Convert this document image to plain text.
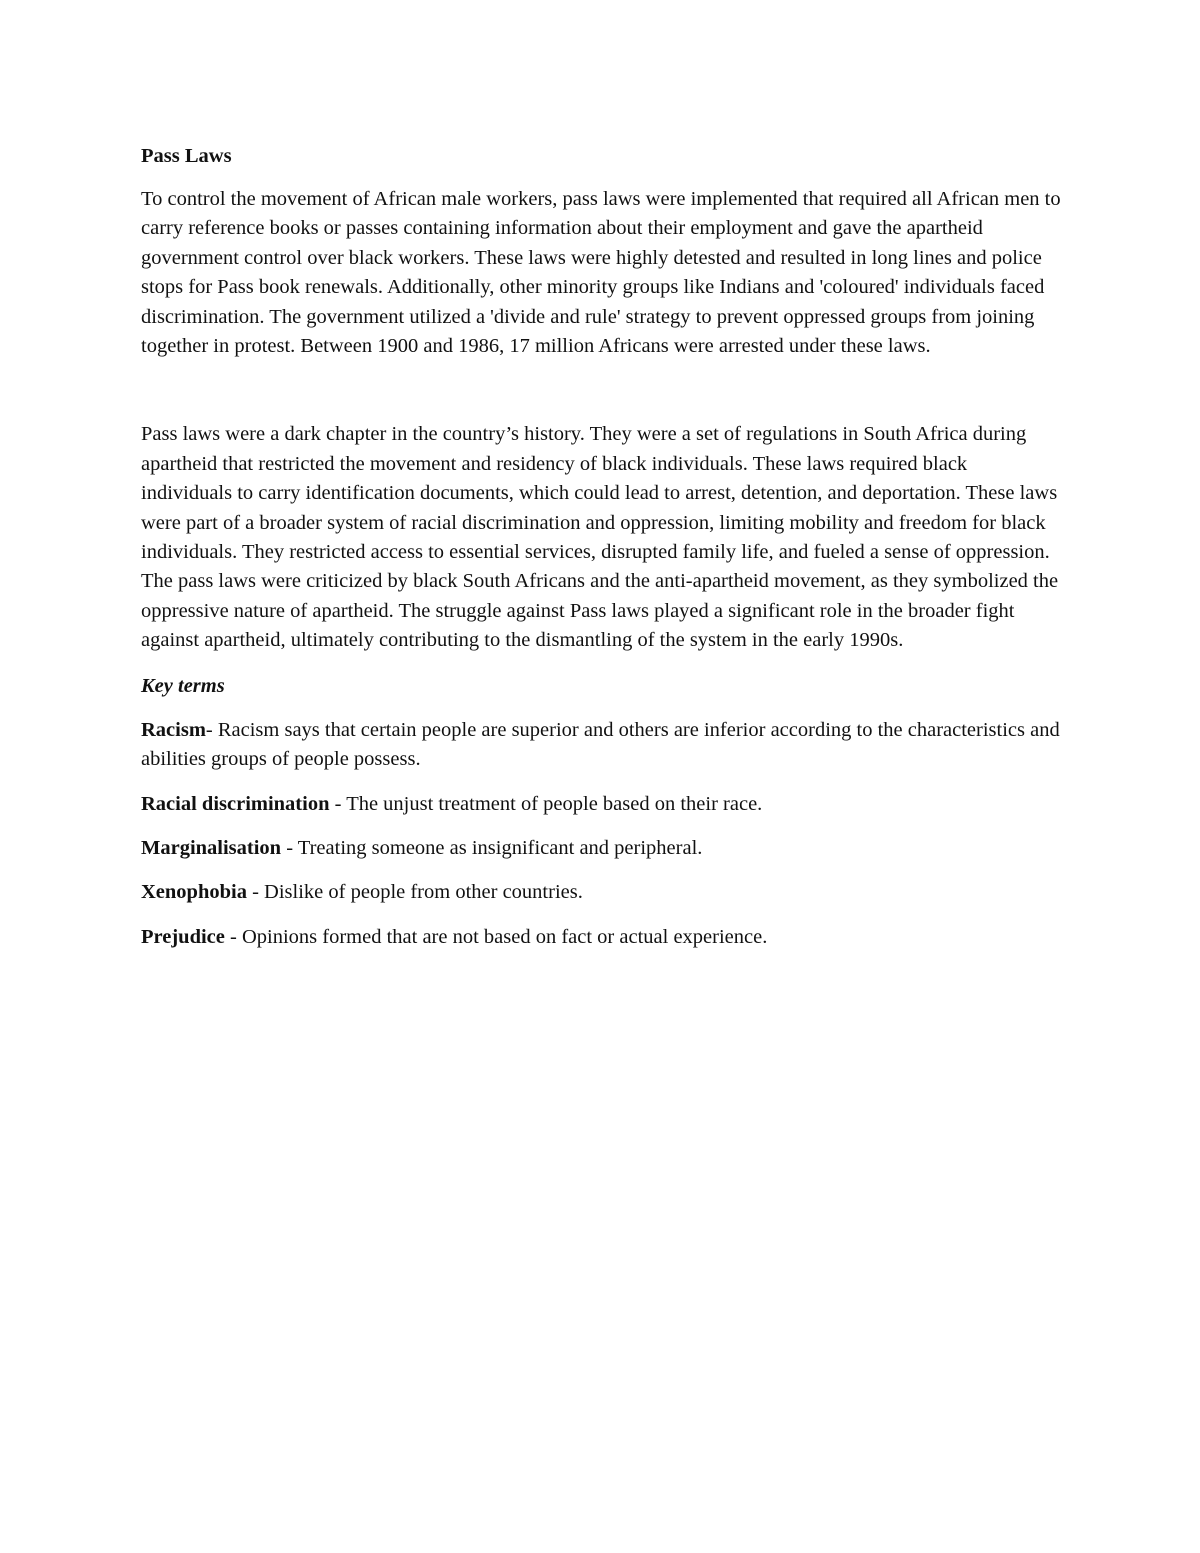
Pass Laws

To control the movement of African male workers, pass laws were implemented that required all African men to carry reference books or passes containing information about their employment and gave the apartheid government control over black workers. These laws were highly detested and resulted in long lines and police stops for Pass book renewals. Additionally, other minority groups like Indians and 'coloured' individuals faced discrimination. The government utilized a 'divide and rule' strategy to prevent oppressed groups from joining together in protest. Between 1900 and 1986, 17 million Africans were arrested under these laws.

Pass laws were a dark chapter in the country’s history. They were a set of regulations in South Africa during apartheid that restricted the movement and residency of black individuals. These laws required black individuals to carry identification documents, which could lead to arrest, detention, and deportation. These laws were part of a broader system of racial discrimination and oppression, limiting mobility and freedom for black individuals. They restricted access to essential services, disrupted family life, and fueled a sense of oppression. The pass laws were criticized by black South Africans and the anti-apartheid movement, as they symbolized the oppressive nature of apartheid. The struggle against Pass laws played a significant role in the broader fight against apartheid, ultimately contributing to the dismantling of the system in the early 1990s.

Key terms
Racism- Racism says that certain people are superior and others are inferior according to the characteristics and abilities groups of people possess.
Racial discrimination - The unjust treatment of people based on their race.
Marginalisation - Treating someone as insignificant and peripheral.
Xenophobia - Dislike of people from other countries.
Prejudice - Opinions formed that are not based on fact or actual experience.
